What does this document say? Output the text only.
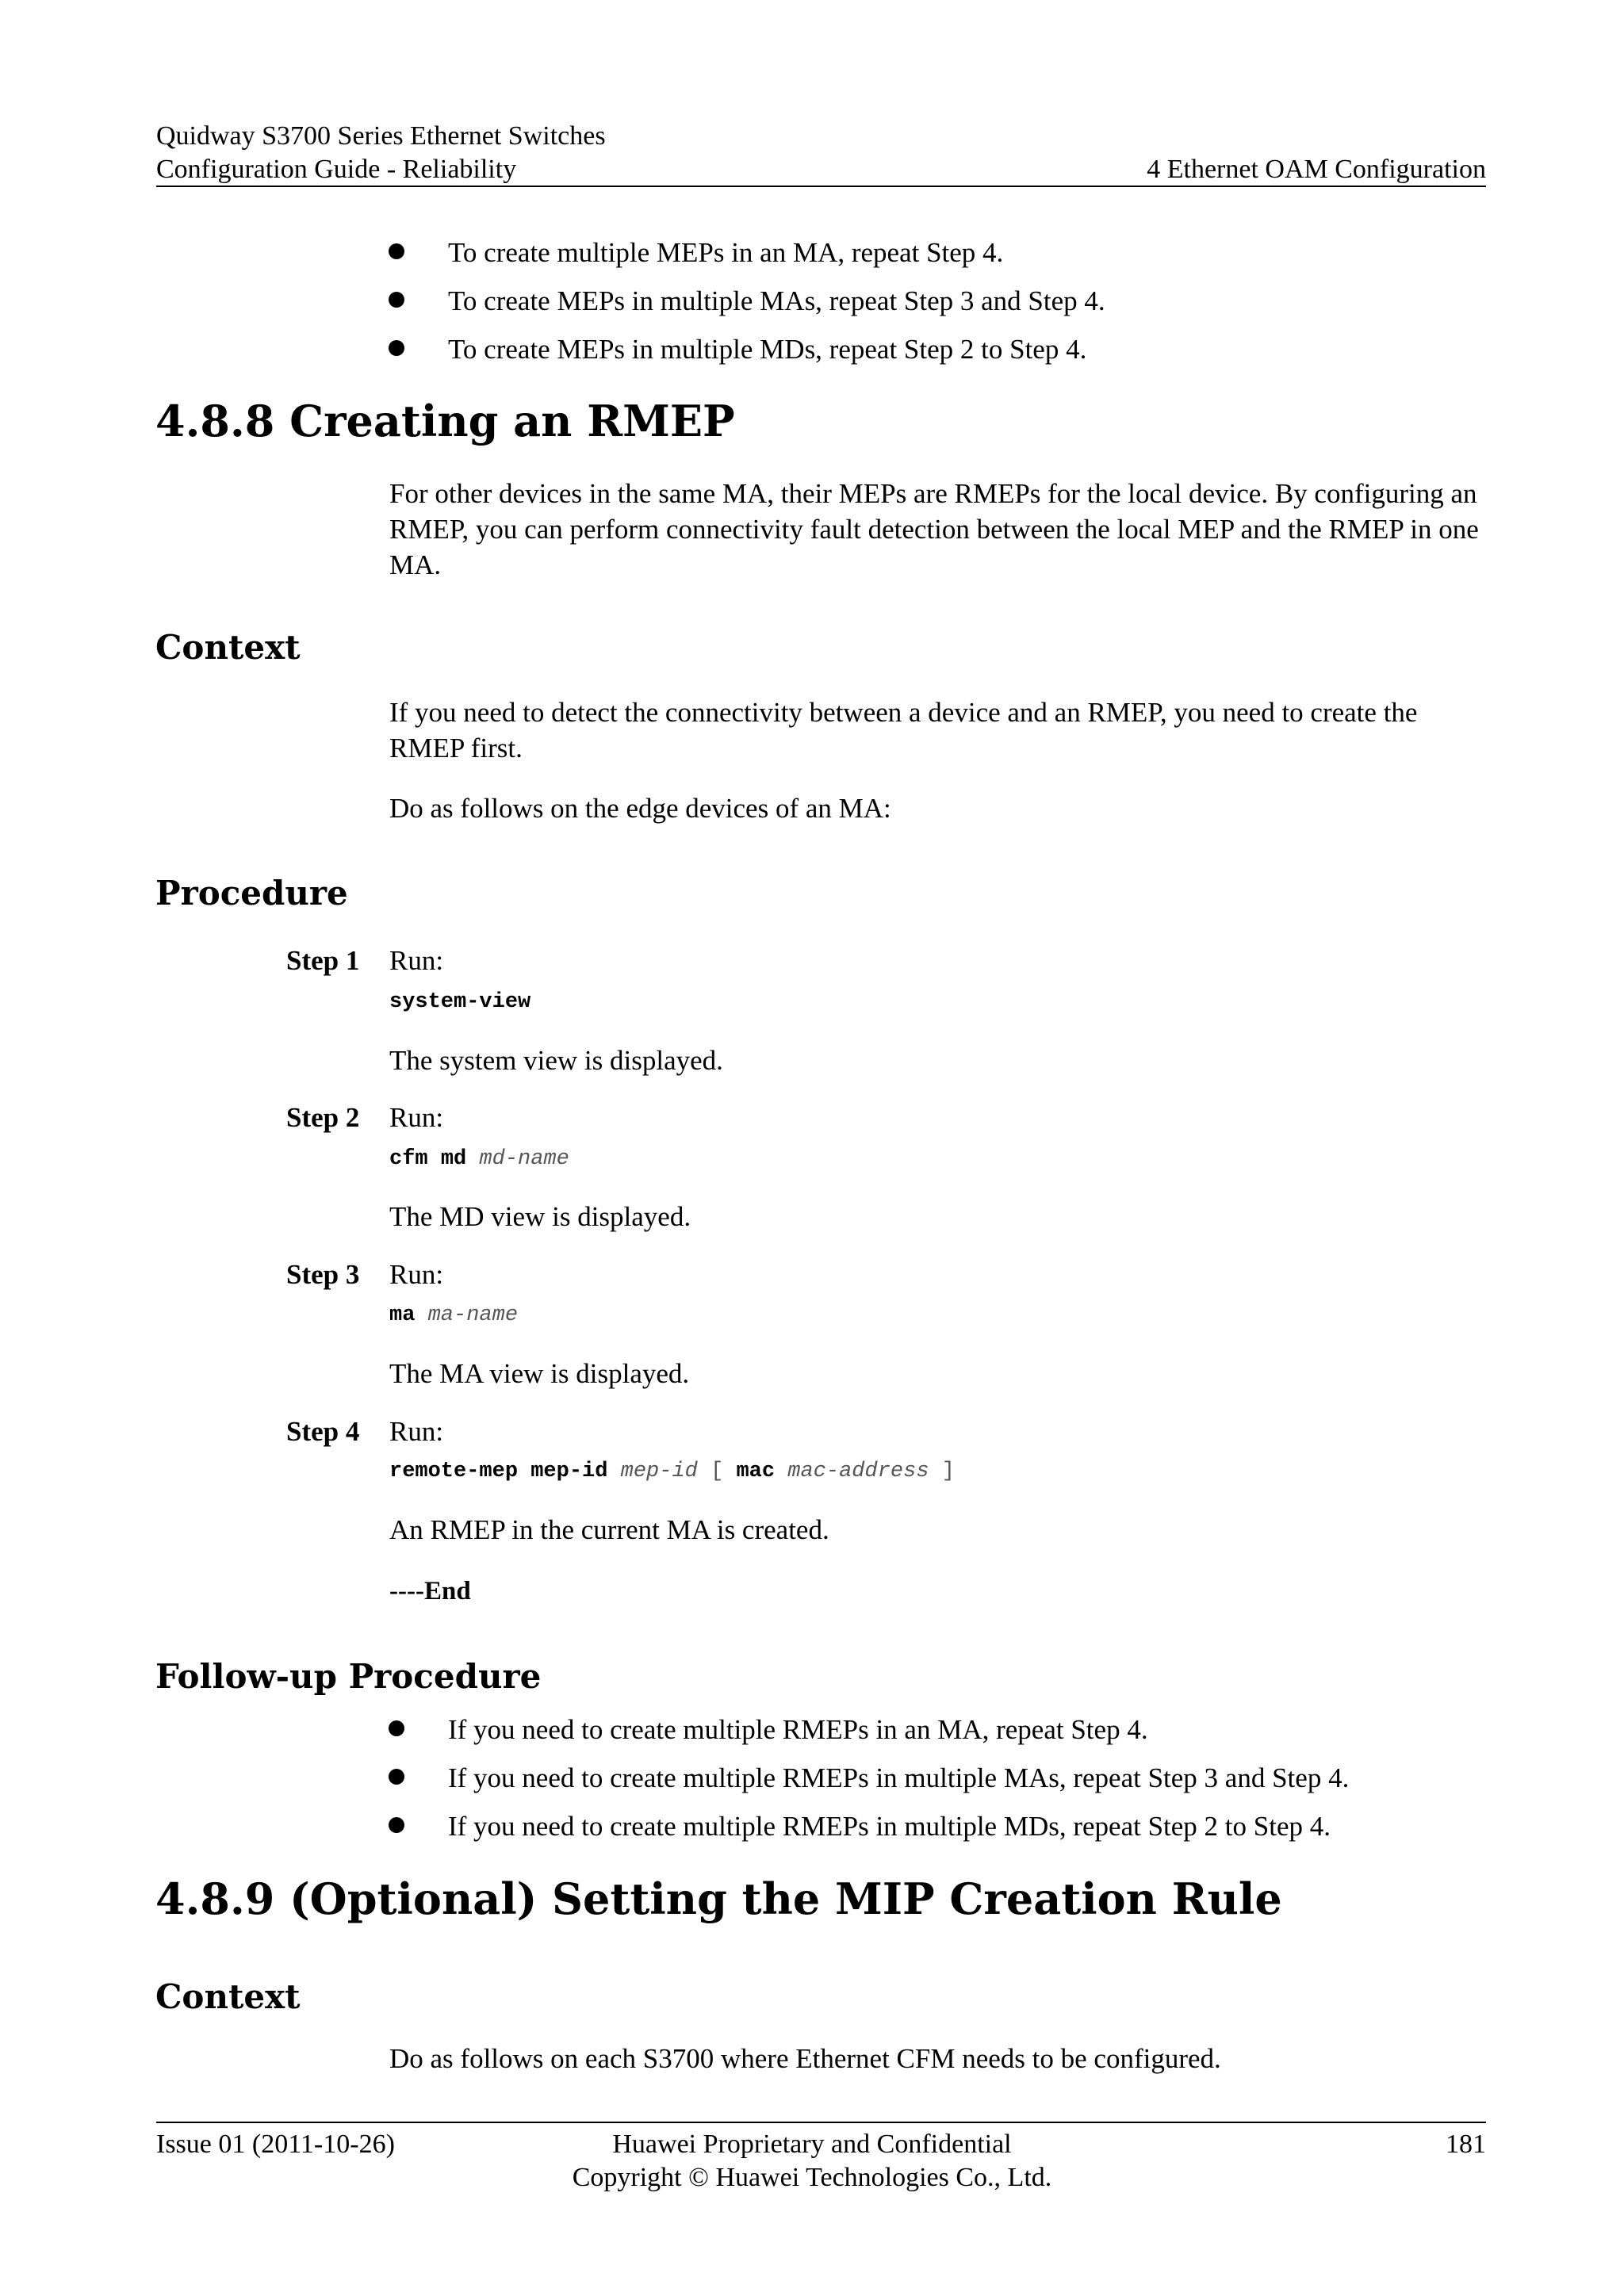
Quidway S3700 Series Ethernet Switches
Configuration Guide - Reliability	4 Ethernet OAM Configuration
To create multiple MEPs in an MA, repeat Step 4.
To create MEPs in multiple MAs, repeat Step 3 and Step 4.
To create MEPs in multiple MDs, repeat Step 2 to Step 4.
4.8.8 Creating an RMEP
For other devices in the same MA, their MEPs are RMEPs for the local device. By configuring an RMEP, you can perform connectivity fault detection between the local MEP and the RMEP in one MA.
Context
If you need to detect the connectivity between a device and an RMEP, you need to create the RMEP first.
Do as follows on the edge devices of an MA:
Procedure
Step 1 Run:
system-view
The system view is displayed.
Step 2 Run:
cfm md md-name
The MD view is displayed.
Step 3 Run:
ma ma-name
The MA view is displayed.
Step 4 Run:
remote-mep mep-id mep-id [ mac mac-address ]
An RMEP in the current MA is created.
----End
Follow-up Procedure
If you need to create multiple RMEPs in an MA, repeat Step 4.
If you need to create multiple RMEPs in multiple MAs, repeat Step 3 and Step 4.
If you need to create multiple RMEPs in multiple MDs, repeat Step 2 to Step 4.
4.8.9 (Optional) Setting the MIP Creation Rule
Context
Do as follows on each S3700 where Ethernet CFM needs to be configured.
Issue 01 (2011-10-26)	Huawei Proprietary and Confidential
Copyright © Huawei Technologies Co., Ltd.
181
